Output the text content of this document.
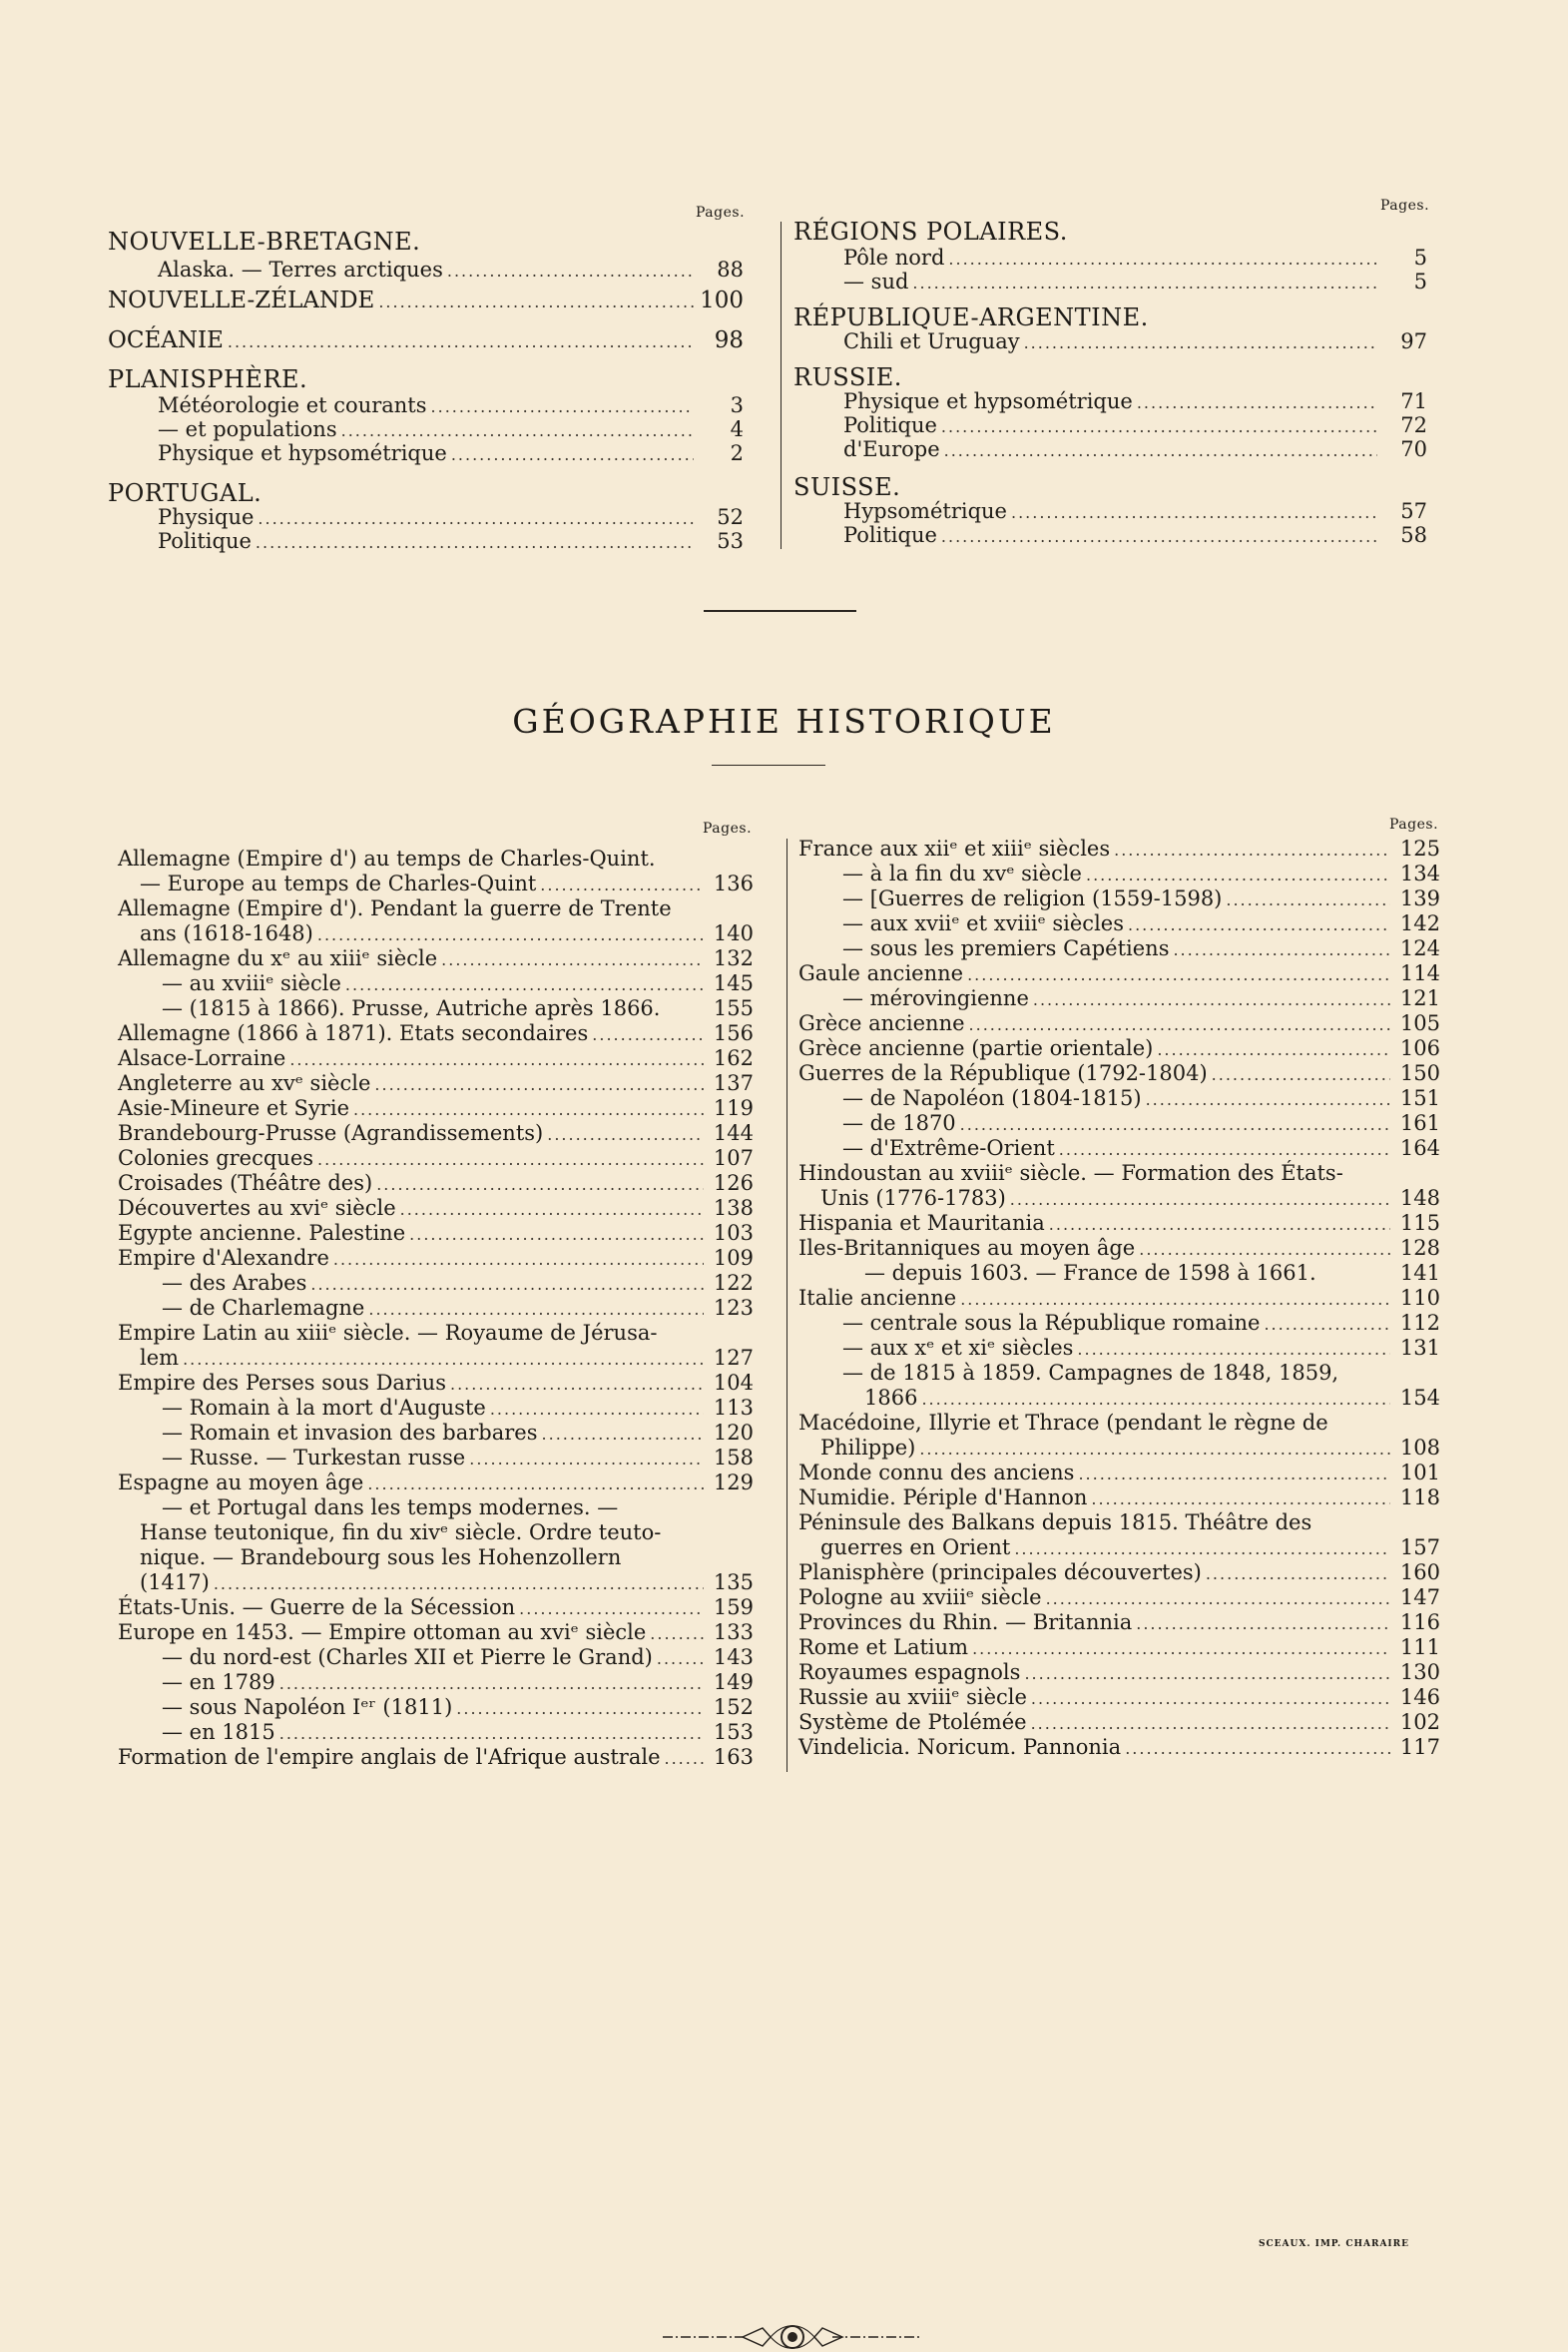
Pages.	Pages.
NOUVELLE-BRETAGNE.
Alaska. — Terres arctiques .....	88
NOUVELLE-ZÉLANDE .....	100
OCÉANIE .....	98
PLANISPHÈRE.
Météorologie et courants .....	3
— et populations .....	4
Physique et hypsométrique .....	2
PORTUGAL.
Physique .....	52
Politique .....	53
RÉGIONS POLAIRES.
Pôle nord .....	5
— sud .....	5
RÉPUBLIQUE-ARGENTINE.
Chili et Uruguay .....	97
RUSSIE.
Physique et hypsométrique .....	71
Politique .....	72
d'Europe .....	70
SUISSE.
Hypsométrique .....	57
Politique .....	58
GÉOGRAPHIE HISTORIQUE
Pages.	Pages.
Allemagne (Empire d') au temps de Charles-Quint.
— Europe au temps de Charles-Quint .....	136
Allemagne (Empire d'). Pendant la guerre de Trente
ans (1618-1648) .....	140
Allemagne du xᵉ au xiiiᵉ siècle .....	132
— au xviiiᵉ siècle .....	145
— (1815 à 1866). Prusse, Autriche après 1866.	155
Allemagne (1866 à 1871). Etats secondaires .....	156
Alsace-Lorraine .....	162
Angleterre au xvᵉ siècle .....	137
Asie-Mineure et Syrie .....	119
Brandebourg-Prusse (Agrandissements) .....	144
Colonies grecques .....	107
Croisades (Théâtre des) .....	126
Découvertes au xviᵉ siècle .....	138
Egypte ancienne. Palestine .....	103
Empire d'Alexandre .....	109
— des Arabes .....	122
— de Charlemagne .....	123
Empire Latin au xiiiᵉ siècle. — Royaume de Jérusa-
lem .....	127
Empire des Perses sous Darius .....	104
— Romain à la mort d'Auguste .....	113
— Romain et invasion des barbares .....	120
— Russe. — Turkestan russe .....	158
Espagne au moyen âge .....	129
— et Portugal dans les temps modernes. —
Hanse teutonique, fin du xivᵉ siècle. Ordre teuto-
nique. — Brandebourg sous les Hohenzollern
(1417) .....	135
États-Unis. — Guerre de la Sécession .....	159
Europe en 1453. — Empire ottoman au xviᵉ siècle .....	133
— du nord-est (Charles XII et Pierre le Grand) .....	143
— en 1789 .....	149
— sous Napoléon Iᵉʳ (1811) .....	152
— en 1815 .....	153
Formation de l'empire anglais de l'Afrique australe .....	163
France aux xiiᵉ et xiiiᵉ siècles .....	125
— à la fin du xvᵉ siècle .....	134
— [Guerres de religion (1559-1598) .....	139
— aux xviiᵉ et xviiiᵉ siècles .....	142
— sous les premiers Capétiens .....	124
Gaule ancienne .....	114
— mérovingienne .....	121
Grèce ancienne .....	105
Grèce ancienne (partie orientale) .....	106
Guerres de la République (1792-1804) .....	150
— de Napoléon (1804-1815) .....	151
— de 1870 .....	161
— d'Extrême-Orient .....	164
Hindoustan au xviiiᵉ siècle. — Formation des États-
Unis (1776-1783) .....	148
Hispania et Mauritania .....	115
Iles-Britanniques au moyen âge .....	128
— depuis 1603. — France de 1598 à 1661.	141
Italie ancienne .....	110
— centrale sous la République romaine .....	112
— aux xᵉ et xiᵉ siècles .....	131
— de 1815 à 1859. Campagnes de 1848, 1859,
1866 .....	154
Macédoine, Illyrie et Thrace (pendant le règne de
Philippe) .....	108
Monde connu des anciens .....	101
Numidie. Périple d'Hannon .....	118
Péninsule des Balkans depuis 1815. Théâtre des
guerres en Orient .....	157
Planisphère (principales découvertes) .....	160
Pologne au xviiiᵉ siècle .....	147
Provinces du Rhin. — Britannia .....	116
Rome et Latium .....	111
Royaumes espagnols .....	130
Russie au xviiiᵉ siècle .....	146
Système de Ptolémée .....	102
Vindelicia. Noricum. Pannonia .....	117
SCEAUX. IMP. CHARAIRE
